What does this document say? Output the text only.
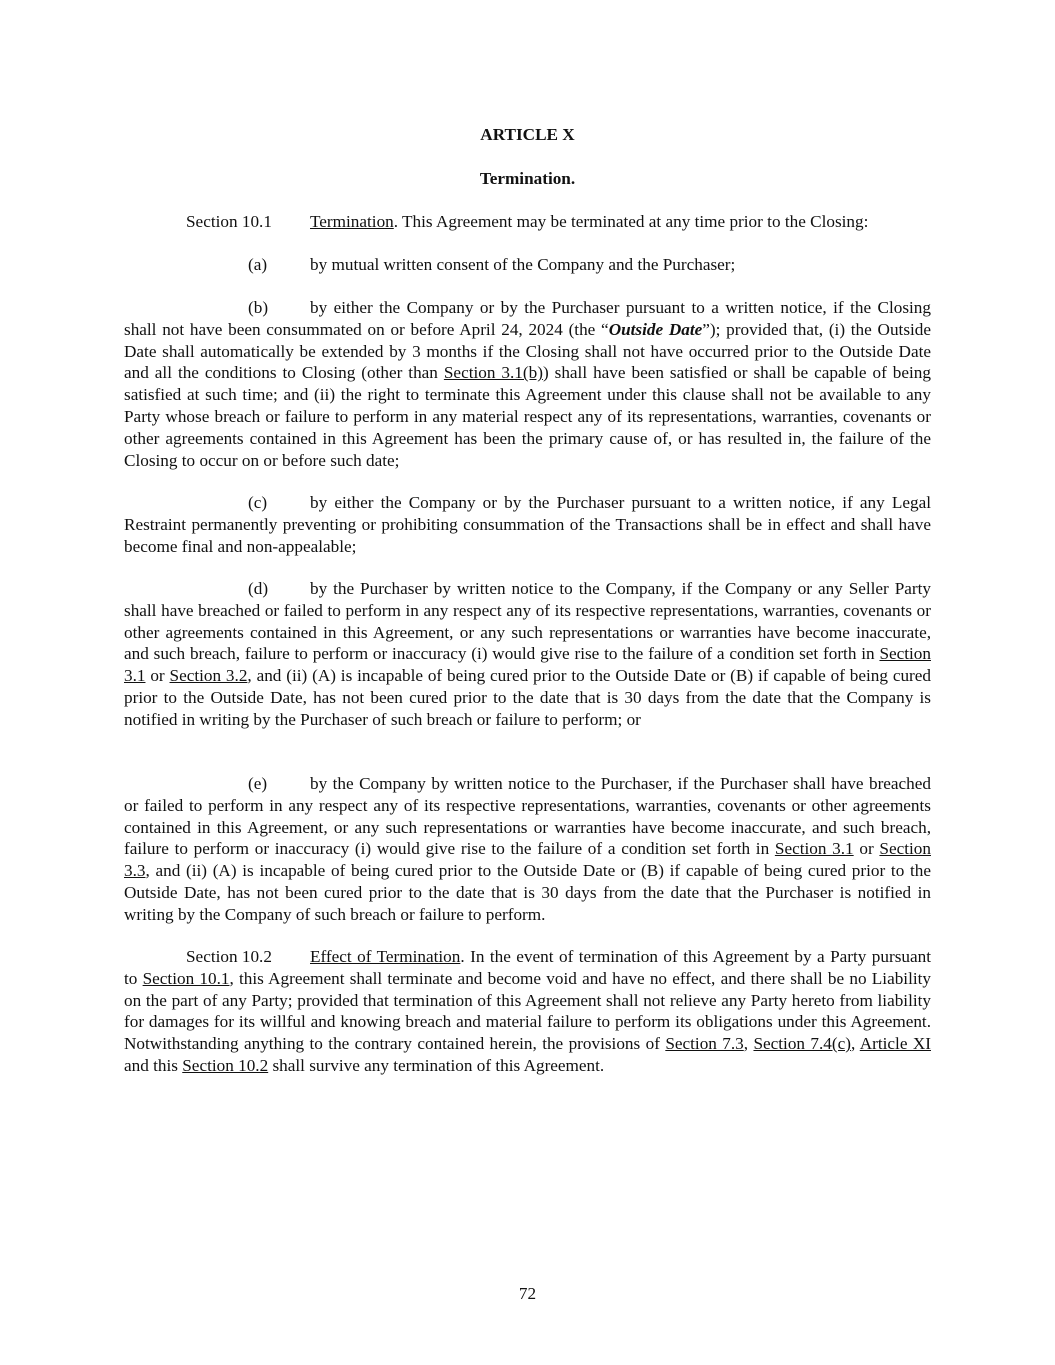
ARTICLE X
Termination.
Section 10.1 Termination. This Agreement may be terminated at any time prior to the Closing:
(a) by mutual written consent of the Company and the Purchaser;
(b) by either the Company or by the Purchaser pursuant to a written notice, if the Closing shall not have been consummated on or before April 24, 2024 (the “Outside Date”); provided that, (i) the Outside Date shall automatically be extended by 3 months if the Closing shall not have occurred prior to the Outside Date and all the conditions to Closing (other than Section 3.1(b)) shall have been satisfied or shall be capable of being satisfied at such time; and (ii) the right to terminate this Agreement under this clause shall not be available to any Party whose breach or failure to perform in any material respect any of its representations, warranties, covenants or other agreements contained in this Agreement has been the primary cause of, or has resulted in, the failure of the Closing to occur on or before such date;
(c) by either the Company or by the Purchaser pursuant to a written notice, if any Legal Restraint permanently preventing or prohibiting consummation of the Transactions shall be in effect and shall have become final and non-appealable;
(d) by the Purchaser by written notice to the Company, if the Company or any Seller Party shall have breached or failed to perform in any respect any of its respective representations, warranties, covenants or other agreements contained in this Agreement, or any such representations or warranties have become inaccurate, and such breach, failure to perform or inaccuracy (i) would give rise to the failure of a condition set forth in Section 3.1 or Section 3.2, and (ii) (A) is incapable of being cured prior to the Outside Date or (B) if capable of being cured prior to the Outside Date, has not been cured prior to the date that is 30 days from the date that the Company is notified in writing by the Purchaser of such breach or failure to perform; or
(e) by the Company by written notice to the Purchaser, if the Purchaser shall have breached or failed to perform in any respect any of its respective representations, warranties, covenants or other agreements contained in this Agreement, or any such representations or warranties have become inaccurate, and such breach, failure to perform or inaccuracy (i) would give rise to the failure of a condition set forth in Section 3.1 or Section 3.3, and (ii) (A) is incapable of being cured prior to the Outside Date or (B) if capable of being cured prior to the Outside Date, has not been cured prior to the date that is 30 days from the date that the Purchaser is notified in writing by the Company of such breach or failure to perform.
Section 10.2 Effect of Termination. In the event of termination of this Agreement by a Party pursuant to Section 10.1, this Agreement shall terminate and become void and have no effect, and there shall be no Liability on the part of any Party; provided that termination of this Agreement shall not relieve any Party hereto from liability for damages for its willful and knowing breach and material failure to perform its obligations under this Agreement. Notwithstanding anything to the contrary contained herein, the provisions of Section 7.3, Section 7.4(c), Article XI and this Section 10.2 shall survive any termination of this Agreement.
72
